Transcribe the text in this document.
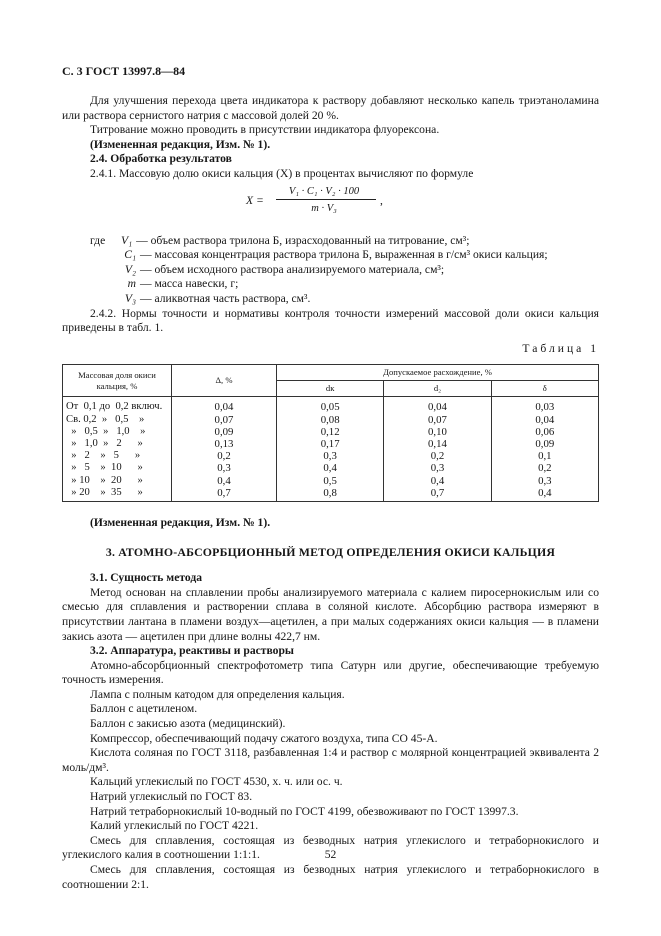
С. 3 ГОСТ 13997.8—84

Для улучшения перехода цвета индикатора к раствору добавляют несколько капель триэтаноламина или раствора сернистого натрия с массовой долей 20 %.

Титрование можно проводить в присутствии индикатора флуорексона.

(Измененная редакция, Изм. № 1).

2.4. Обработка результатов

2.4.1. Массовую долю окиси кальция (X) в процентах вычисляют по формуле

X =
V₁ · C₁ · V₂ · 100
m · V₃
,
где V₁ — объем раствора трилона Б, израсходованный на титрование, см³;
C₁ — массовая концентрация раствора трилона Б, выраженная в г/см³ окиси кальция;
V₂ — объем исходного раствора анализируемого материала, см³;
m — масса навески, г;
V₃ — аликвотная часть раствора, см³.

2.4.2. Нормы точности и нормативы контроля точности измерений массовой доли окиси кальция приведены в табл. 1.

Таблица 1
Массовая доля окиси кальция, %	Δ, %	Допускаемое расхождение, %		
		dк	d₂	δ
От  0,1 до  0,2 включ.	0,04	0,05	0,04	0,03
Св. 0,2  »   0,5    »	0,07	0,08	0,07	0,04
»   0,5  »   1,0    »	0,09	0,12	0,10	0,06
»   1,0  »   2      »	0,13	0,17	0,14	0,09
»   2    »   5      »	0,2	0,3	0,2	0,1
»   5    »  10      »	0,3	0,4	0,3	0,2
» 10    »  20      »	0,4	0,5	0,4	0,3
» 20    »  35      »	0,7	0,8	0,7	0,4

(Измененная редакция, Изм. № 1).

3. АТОМНО-АБСОРБЦИОННЫЙ МЕТОД ОПРЕДЕЛЕНИЯ ОКИСИ КАЛЬЦИЯ

3.1. Сущность метода

Метод основан на сплавлении пробы анализируемого материала с калием пиросернокислым или со смесью для сплавления и растворении сплава в соляной кислоте. Абсорбцию раствора измеряют в присутствии лантана в пламени воздух—ацетилен, а при малых содержаниях окиси кальция — в пламени закись азота — ацетилен при длине волны 422,7 нм.

3.2. Аппаратура, реактивы и растворы

Атомно-абсорбционный спектрофотометр типа Сатурн или другие, обеспечивающие требуемую точность измерения.

Лампа с полным катодом для определения кальция.

Баллон с ацетиленом.

Баллон с закисью азота (медицинский).

Компрессор, обеспечивающий подачу сжатого воздуха, типа СО 45-А.

Кислота соляная по ГОСТ 3118, разбавленная 1:4 и раствор с молярной концентрацией эквивалента 2 моль/дм³.

Кальций углекислый по ГОСТ 4530, х. ч. или ос. ч.

Натрий углекислый по ГОСТ 83.

Натрий тетраборнокислый 10-водный по ГОСТ 4199, обезвоживают по ГОСТ 13997.3.

Калий углекислый по ГОСТ 4221.

Смесь для сплавления, состоящая из безводных натрия углекислого и тетраборнокислого и углекислого калия в соотношении 1:1:1.

Смесь для сплавления, состоящая из безводных натрия углекислого и тетраборнокислого в соотношении 2:1.

52
